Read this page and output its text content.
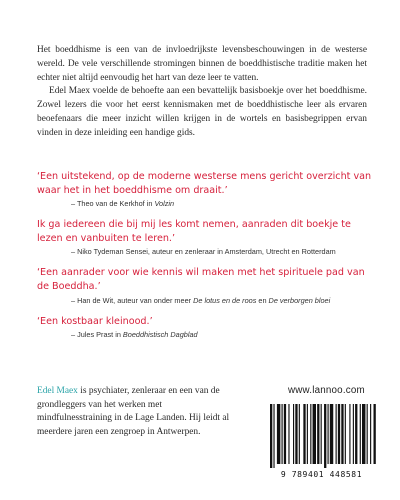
Het boeddhisme is een van de invloedrijkste levensbeschouwingen in de westerse wereld. De vele verschillende stromingen binnen de boeddhistische traditie maken het echter niet altijd eenvoudig het hart van deze leer te vatten.

Edel Maex voelde de behoefte aan een bevattelijk basisboekje over het boeddhisme. Zowel lezers die voor het eerst kennismaken met de boeddhistische leer als ervaren beoefenaars die meer inzicht willen krijgen in de wortels en basisbegrippen ervan vinden in deze inleiding een handige gids.

‘Een uitstekend, op de moderne westerse mens gericht overzicht van waar het in het boeddhisme om draait.’
– Theo van de Kerkhof in Volzin
Ik ga iedereen die bij mij les komt nemen, aanraden dit boekje te lezen en vanbuiten te leren.’
– Niko Tydeman Sensei, auteur en zenleraar in Amsterdam, Utrecht en Rotterdam
‘Een aanrader voor wie kennis wil maken met het spirituele pad van de Boeddha.’
– Han de Wit, auteur van onder meer De lotus en de roos en De verborgen bloei
‘Een kostbaar kleinood.’
– Jules Prast in Boeddhistisch Dagblad
Edel Maex is psychiater, zenleraar en een van de grondleggers van het werken met mindfulnesstraining in de Lage Landen. Hij leidt al meerdere jaren een zengroep in Antwerpen.
www.lannoo.com
9 789401 448581
